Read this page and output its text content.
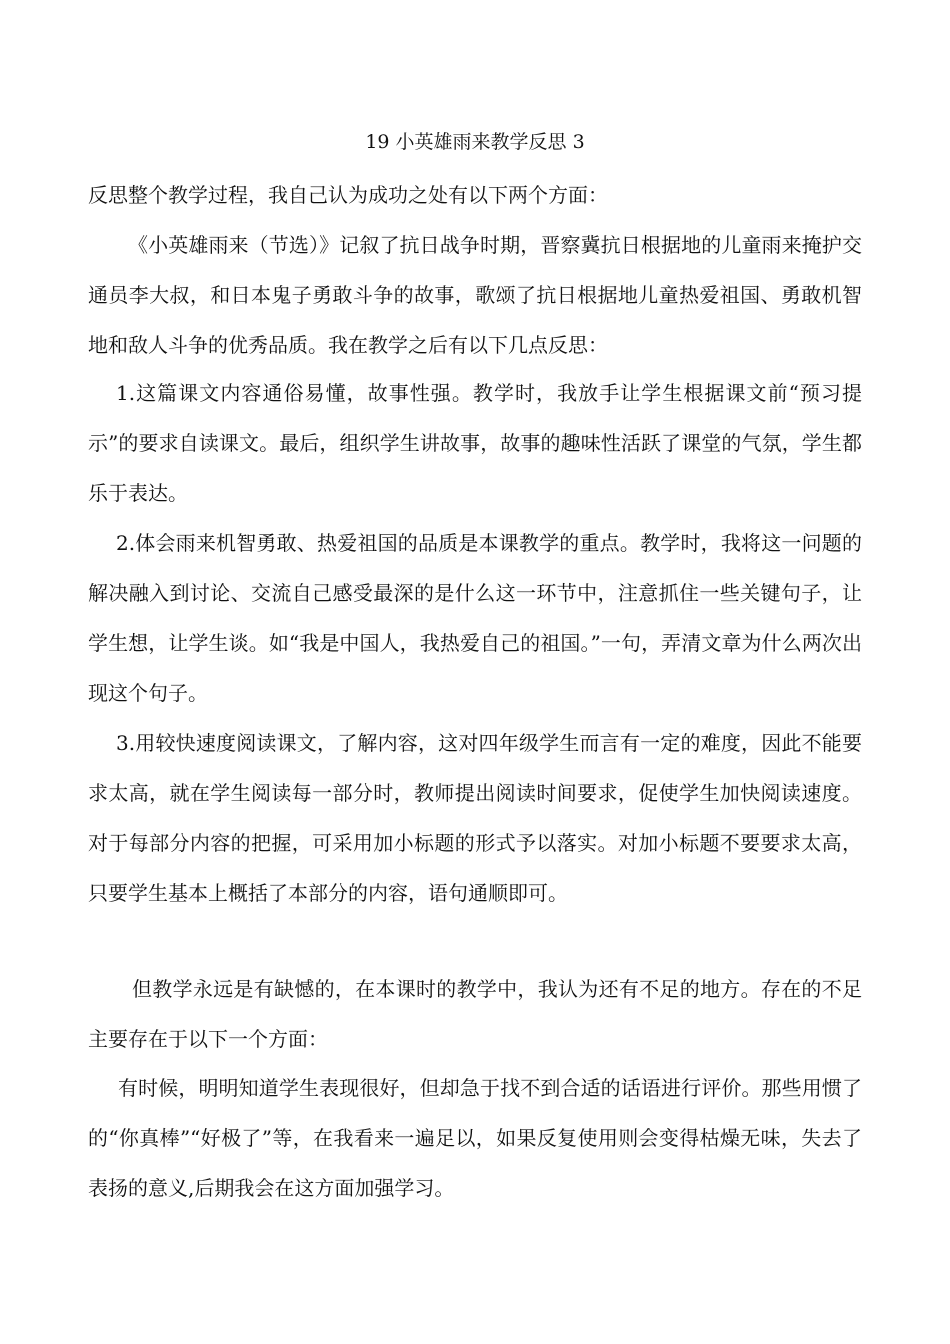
19 小英雄雨来教学反思 3

反思整个教学过程，我自己认为成功之处有以下两个方面：

《小英雄雨来（节选）》记叙了抗日战争时期，晋察冀抗日根据地的儿童雨来掩护交通员李大叔，和日本鬼子勇敢斗争的故事，歌颂了抗日根据地儿童热爱祖国、勇敢机智地和敌人斗争的优秀品质。我在教学之后有以下几点反思：

1.这篇课文内容通俗易懂，故事性强。教学时，我放手让学生根据课文前“预习提示”的要求自读课文。最后，组织学生讲故事，故事的趣味性活跃了课堂的气氛，学生都乐于表达。

2.体会雨来机智勇敢、热爱祖国的品质是本课教学的重点。教学时，我将这一问题的解决融入到讨论、交流自己感受最深的是什么这一环节中，注意抓住一些关键句子，让学生想，让学生谈。如“我是中国人，我热爱自己的祖国。”一句，弄清文章为什么两次出现这个句子。

3.用较快速度阅读课文，了解内容，这对四年级学生而言有一定的难度，因此不能要求太高，就在学生阅读每一部分时，教师提出阅读时间要求，促使学生加快阅读速度。对于每部分内容的把握，可采用加小标题的形式予以落实。对加小标题不要要求太高，只要学生基本上概括了本部分的内容，语句通顺即可。

但教学永远是有缺憾的，在本课时的教学中，我认为还有不足的地方。存在的不足主要存在于以下一个方面：

有时候，明明知道学生表现很好，但却急于找不到合适的话语进行评价。那些用惯了的“你真棒”“好极了”等，在我看来一遍足以，如果反复使用则会变得枯燥无味，失去了表扬的意义,后期我会在这方面加强学习。
